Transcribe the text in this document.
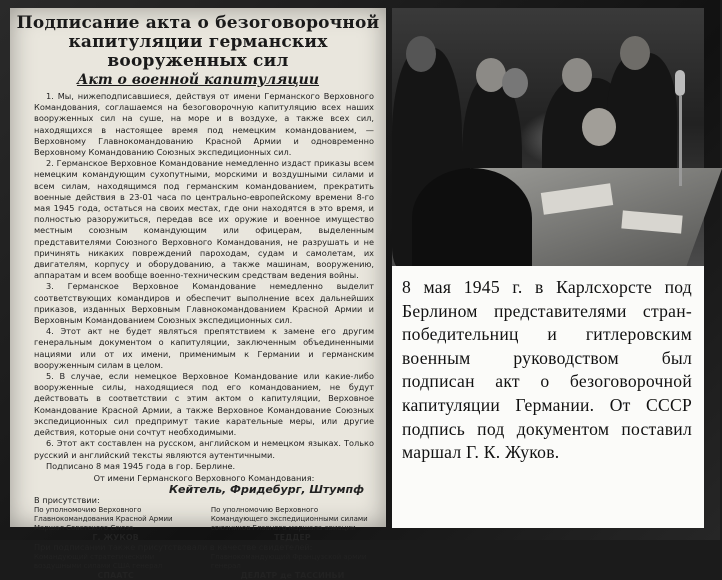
Подписание акта о безоговорочной
капитуляции германских
вооруженных сил
Акт о военной капитуляции

1. Мы, нижеподписавшиеся, действуя от имени Германского Верховного Командования, соглашаемся на безоговорочную капитуляцию всех наших вооруженных сил на суше, на море и в воздухе, а также всех сил, находящихся в настоящее время под немецким командованием, — Верховному Главнокомандованию Красной Армии и одновременно Верховному Командованию Союзных экспедиционных сил.

2. Германское Верховное Командование немедленно издаст приказы всем немецким командующим сухопутными, морскими и воздушными силами и всем силам, находящимся под германским командованием, прекратить военные действия в 23-01 часа по центрально-европейскому времени 8-го мая 1945 года, остаться на своих местах, где они находятся в это время, и полностью разоружиться, передав все их оружие и военное имущество местным союзным командующим или офицерам, выделенным представителями Союзного Верховного Командования, не разрушать и не причинять никаких повреждений пароходам, судам и самолетам, их двигателям, корпусу и оборудованию, а также машинам, вооружению, аппаратам и всем вообще военно-техническим средствам ведения войны.

3. Германское Верховное Командование немедленно выделит соответствующих командиров и обеспечит выполнение всех дальнейших приказов, изданных Верховным Главнокомандованием Красной Армии и Верховным Командованием Союзных экспедиционных сил.

4. Этот акт не будет являться препятствием к замене его другим генеральным документом о капитуляции, заключенным объединенными нациями или от их имени, применимым к Германии и германским вооруженным силам в целом.

5. В случае, если немецкое Верховное Командование или какие-либо вооруженные силы, находящиеся под его командованием, не будут действовать в соответствии с этим актом о капитуляции, Верховное Командование Красной Армии, а также Верховное Командование Союзных экспедиционных сил предпримут такие карательные меры, или другие действия, которые они сочтут необходимыми.

6. Этот акт составлен на русском, английском и немецком языках. Только русский и английский тексты являются аутентичными.

Подписано 8 мая 1945 года в гор. Берлине.

От имени Германского Верховного Командования:
Кейтель, Фридебург, Штумпф
В присутствии:
По уполномочию Верховного Главнокомандования Красной Армии Маршал Советского Союза
Г. ЖУКОВ
По уполномочию Верховного Командующего экспедиционными силами союзников Главного маршала авиации
ТЕДДЕР
При подписании также присутствовали в качестве свидетелей:
Командующий стратегическими воздушными силами США генерал
СПААТС
Главнокомандующий Французской армии генерал
ДЕЛАТР де ТАССИНЬИ
8 мая 1945 г. в Карлсхорсте под Берлином представителями стран-победительниц и гитлеровским военным руководством был подписан акт о безоговорочной капитуляции Германии. От СССР подпись под документом поставил маршал Г. К. Жуков.
